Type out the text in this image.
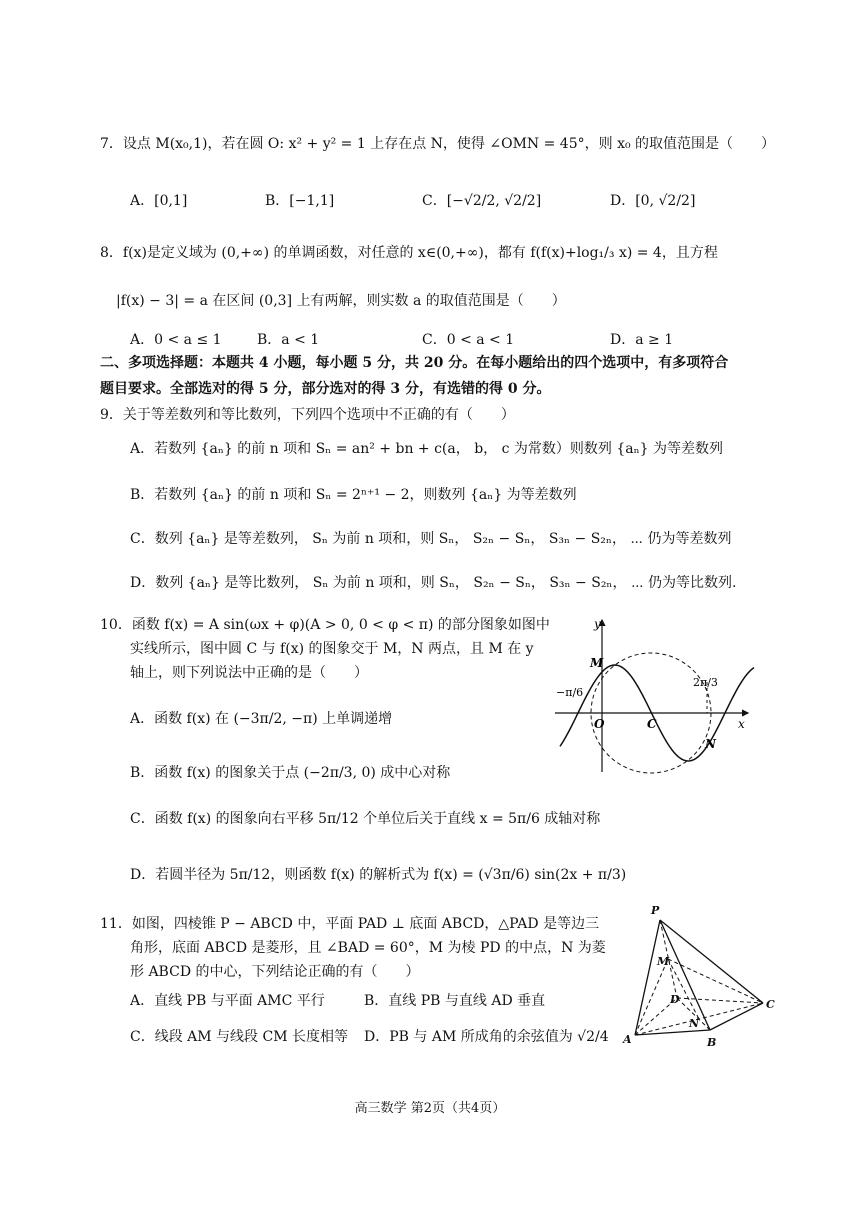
7．设点 M(x₀,1)，若在圆 O: x² + y² = 1 上存在点 N，使得 ∠OMN = 45°，则 x₀ 的取值范围是（　　）
A．[0,1]	B．[−1,1]	C．[−√2/2, √2/2]	D．[0, √2/2]
8．f(x)是定义域为 (0,+∞) 的单调函数，对任意的 x∈(0,+∞)，都有 f(f(x)+log₁/₃ x) = 4，且方程
|f(x) − 3| = a 在区间 (0,3] 上有两解，则实数 a 的取值范围是（　　）
A．0 < a ≤ 1	B．a < 1	C．0 < a < 1	D．a ≥ 1
二、多项选择题：本题共 4 小题，每小题 5 分，共 20 分。在每小题给出的四个选项中，有多项符合
题目要求。全部选对的得 5 分，部分选对的得 3 分，有选错的得 0 分。
9．关于等差数列和等比数列，下列四个选项中不正确的有（　　）
A．若数列 {aₙ} 的前 n 项和 Sₙ = an² + bn + c(a， b， c 为常数）则数列 {aₙ} 为等差数列
B．若数列 {aₙ} 的前 n 项和 Sₙ = 2ⁿ⁺¹ − 2，则数列 {aₙ} 为等差数列
C．数列 {aₙ} 是等差数列， Sₙ 为前 n 项和，则 Sₙ， S₂ₙ − Sₙ， S₃ₙ − S₂ₙ， ⋯ 仍为等差数列
D．数列 {aₙ} 是等比数列， Sₙ 为前 n 项和，则 Sₙ， S₂ₙ − Sₙ， S₃ₙ − S₂ₙ， ⋯ 仍为等比数列.
10．函数 f(x) = A sin(ωx + φ)(A > 0, 0 < φ < π) 的部分图象如图中
实线所示，图中圆 C 与 f(x) 的图象交于 M，N 两点，且 M 在 y
轴上，则下列说法中正确的是（　　）
A．函数 f(x) 在 (−3π/2, −π) 上单调递增
B．函数 f(x) 的图象关于点 (−2π/3, 0) 成中心对称
C．函数 f(x) 的图象向右平移 5π/12 个单位后关于直线 x = 5π/6 成轴对称
D．若圆半径为 5π/12，则函数 f(x) 的解析式为 f(x) = (√3π/6) sin(2x + π/3)
y
x
M
O	C
N
−π/6
2π/3
11．如图，四棱锥 P − ABCD 中，平面 PAD ⊥ 底面 ABCD，△PAD 是等边三
角形，底面 ABCD 是菱形，且 ∠BAD = 60°，M 为棱 PD 的中点，N 为菱
形 ABCD 的中心，下列结论正确的有（　　）
A．直线 PB 与平面 AMC 平行	B．直线 PB 与直线 AD 垂直
C．线段 AM 与线段 CM 长度相等 D．PB 与 AM 所成角的余弦值为 √2/4
P
M
D	C
N
A	B
高三数学 第2页（共4页）
